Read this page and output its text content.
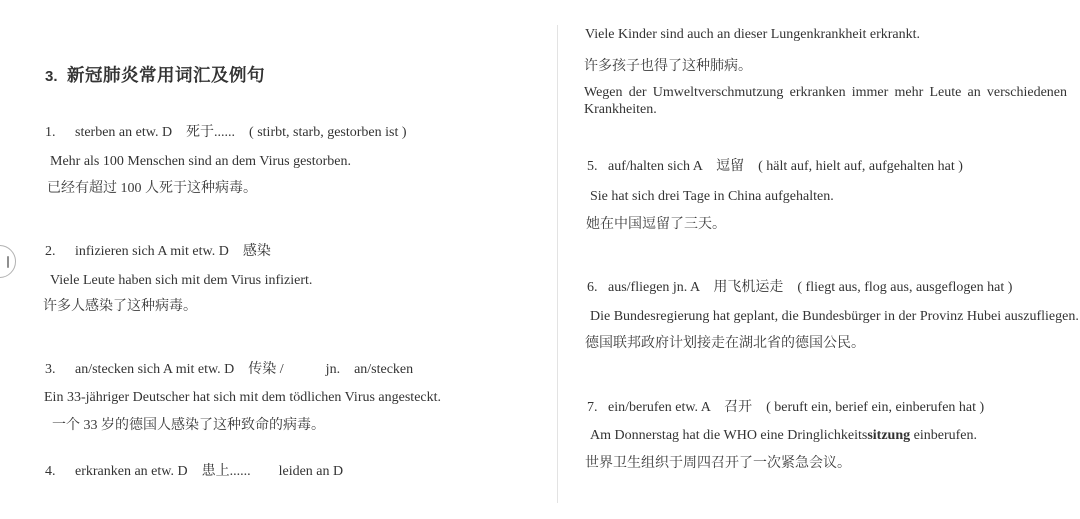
3. 新冠肺炎常用词汇及例句
1. sterben an etw. D　死于......　( stirbt, starb, gestorben ist )
Mehr als 100 Menschen sind an dem Virus gestorben.
已经有超过 100 人死于这种病毒。
2. infizieren sich A mit etw. D　感染
Viele Leute haben sich mit dem Virus infiziert.
许多人感染了这种病毒。
3. an/stecken sich A mit etw. D　传染 /　　　jn.　an/stecken
Ein 33-jähriger Deutscher hat sich mit dem tödlichen Virus angesteckt.
一个 33 岁的德国人感染了这种致命的病毒。
4. erkranken an etw. D　患上......　　leiden an D
Viele Kinder sind auch an dieser Lungenkrankheit erkrankt.
许多孩子也得了这种肺病。
Wegen der Umweltverschmutzung erkranken immer mehr Leute an verschiedenen
Krankheiten.
5. auf/halten sich A　逗留　( hält auf, hielt auf, aufgehalten hat )
Sie hat sich drei Tage in China aufgehalten.
她在中国逗留了三天。
6. aus/fliegen jn. A　用飞机运走　( fliegt aus, flog aus, ausgeflogen hat )
Die Bundesregierung hat geplant, die Bundesbürger in der Provinz Hubei auszufliegen.
德国联邦政府计划接走在湖北省的德国公民。
7. ein/berufen etw. A　召开　( beruft ein, berief ein, einberufen hat )
Am Donnerstag hat die WHO eine Dringlichkeitssitzung einberufen.
世界卫生组织于周四召开了一次紧急会议。
